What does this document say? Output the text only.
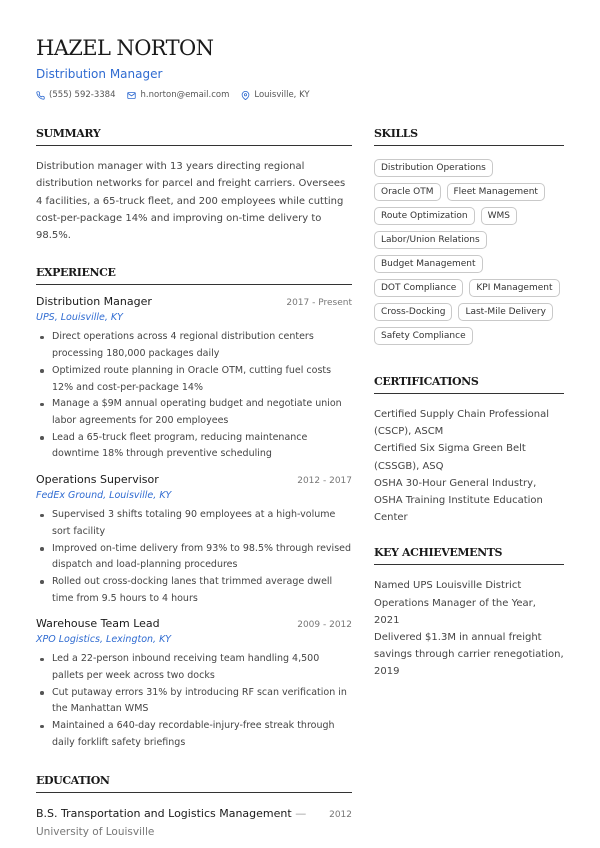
HAZEL NORTON
Distribution Manager
(555) 592-3384	h.norton@email.com	Louisville, KY
SUMMARY

Distribution manager with 13 years directing regional distribution networks for parcel and freight carriers. Oversees 4 facilities, a 65-truck fleet, and 200 employees while cutting cost-per-package 14% and improving on-time delivery to 98.5%.

EXPERIENCE
Distribution Manager	2017 - Present
UPS, Louisville, KY
Direct operations across 4 regional distribution centers processing 180,000 packages daily
Optimized route planning in Oracle OTM, cutting fuel costs 12% and cost-per-package 14%
Manage a $9M annual operating budget and negotiate union labor agreements for 200 employees
Lead a 65-truck fleet program, reducing maintenance downtime 18% through preventive scheduling
Operations Supervisor	2012 - 2017
FedEx Ground, Louisville, KY
Supervised 3 shifts totaling 90 employees at a high-volume sort facility
Improved on-time delivery from 93% to 98.5% through revised dispatch and load-planning procedures
Rolled out cross-docking lanes that trimmed average dwell time from 9.5 hours to 4 hours
Warehouse Team Lead	2009 - 2012
XPO Logistics, Lexington, KY
Led a 22-person inbound receiving team handling 4,500 pallets per week across two docks
Cut putaway errors 31% by introducing RF scan verification in the Manhattan WMS
Maintained a 640-day recordable-injury-free streak through daily forklift safety briefings
EDUCATION
B.S. Transportation and Logistics Management —	2012
University of Louisville
SKILLS
Distribution Operations
Oracle OTM	Fleet Management
Route Optimization	WMS
Labor/Union Relations
Budget Management
DOT Compliance	KPI Management
Cross-Docking	Last-Mile Delivery
Safety Compliance
CERTIFICATIONS
Certified Supply Chain Professional (CSCP), ASCM
Certified Six Sigma Green Belt (CSSGB), ASQ
OSHA 30-Hour General Industry, OSHA Training Institute Education Center
KEY ACHIEVEMENTS
Named UPS Louisville District Operations Manager of the Year, 2021
Delivered $1.3M in annual freight savings through carrier renegotiation, 2019
